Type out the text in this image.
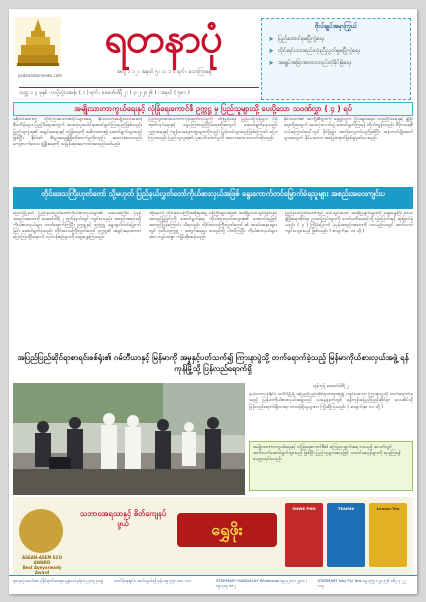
yadanarbonnews.com
ရတနာပုံ
အတွဲ ၁ ၁၂ ၊ အမှတ် ၅ ၊ လ ၁ ၁ ရက် ၊ သောကြာနေ့
သတ္တ ၁ ၃ ခုနှစ် ၊ တပို့တွဲလဆန်း ( ၁ ) ရက် ၊ ဖေဖော်ဝါရီ ၂ ၊ ( ၃-၂-၂၀၂၆ ) ၊ အမှတ် ( ၅၈၁ )
ဗိုလ်ချုပ်အမှာကြွယ်
➤ ပြည်ထောင်စုမပြိုကွဲရေး
➤ တိုင်းရင်းသားစည်းလုံးညီညွတ်မှုမပြိုကွဲရေး
➤ အချုပ်အခြာအာဏာတည်တံ့ခိုင်မြဲရေး
အမျိုးသားကာကွယ်ရေးနှင့် လုံခြုံရေးကောင်စီ ဥက္ကဋ္ဌ မှ ပြည်သူများသို့ ပေးပို့သော သဝဏ်လွှာ ( ၄ ) ရပ်
ခရီးဝင်ဆင်းကူ လှိုင်ကြားသောအပိုင်းများအရ နိုင်ငံတော်အမျိုးသားအဆင့် စီမံကိန်းများ ပြည့်မီရေးအတွက် အားလုံးပူးပေါင်းဆောင်ရွက်ကြရမည်ဖြစ်သည်။ ပြည်သူလူထု၏ အခွင့်အရေးနှင့် လုံခြုံရေးကို အဓိကထား၍ ဆောင်ရွက်သွားမည်ဖြစ်ပြီး နိုင်ငံ၏ စီးပွားရေးဖွံ့ဖြိုးတိုးတက်မှုကိုလည်း အလေးထားသည်။ ကျေးလက်ဒေသ ဖွံ့ဖြိုးရေးကို အမြန်ဆုံးအကောင်အထည်ဖော်မည်။
ပြည်တွင်းစားသောက်ကုန်ထုတ်လုပ်မှုကို တိုးမြှင့်ရေး၊ ပြည်ပပို့ကုန်များ ပိုမိုထုတ်လုပ်ရေးနှင့် ငွေကြေးတည်ငြိမ်ရေးတို့အတွက် ဆောင်ရွက်နေသည်။ ပညာရေးနှင့် ကျန်းမာရေးကဏ္ဍများကိုလည်း မြှင့်တင်သွားမည်ဖြစ်ကြောင်း ပြောကြားသည်။ ပြည်သူလူထု၏ ပူးပေါင်းပါဝင်မှုကို အလေးထား တောင်းဆိုသည်။
နိုင်ငံတော်၏ အကျိုးစီးပွားကို ရှေ့ရှုလျက် ငြိမ်းချမ်းရေး၊ တည်ငြိမ်ရေးနှင့် ဖွံ့ဖြိုးရေးတို့အတွက် အားလုံးလက်တွဲ ဆောင်ရွက်ကြရန် တိုက်တွန်းသည်။ ဒီမိုကရေစီလမ်းကြောင်းပေါ်တွင် ခိုင်မြဲစွာ ဆက်လျှောက်မည်ဖြစ်ပြီး အနာဂတ်မျိုးဆက်များအတွက် ခိုင်မာသော အခြေခံအုတ်မြစ်ချမှတ်ပေးမည်။
တိုင်းဒေသကြီးဟုတ်တော် သို့မဟုတ် ပြည်နယ်လွှတ်တော်ကိုယ်စားလှယ်အဖြစ် ရွေးကောက်တင်မြှောက်ခံရသူများ အစည်းအဝေးကျင်းပ
မြောင်မြို့နယ် ပြည်နယ်လွှတ်တော်ကိုယ်စားလှယ်များ၏ ပထမအကြိမ် ပုံမှန်အစည်းအဝေးကို ဖေဖော်ဝါရီ ၂ ရက်နံနက်တွင် ကျင်းပသည်။ အစည်းအဝေးသို့ ကိုယ်စားလှယ်များ တက်ရောက်ကြပြီး ဥက္ကဋ္ဌနှင့် ဒုဥက္ကဋ္ဌ ရွေးချယ်တင်မြှောက်ခြင်း ဆောင်ရွက်ခဲ့သည်။ တိုင်းဒေသကြီးလွှတ်တော် ဥက္ကဋ္ဌ၏ အဖွင့်အမှာစကား ပြောကြားပြီးနောက် လုပ်ငန်းစဉ်များကို ဆွေးနွေးကြသည်။
ထို့နောက် တိုင်းဒေသကြီးအစိုးရအဖွဲ့ ဝန်ကြီးချုပ်အဖြစ် အဆိုပြုတင်သွင်းခြင်းနှင့် အတည်ပြုခြင်းကို ဆောင်ရွက်ခဲ့ရာ ကိုယ်စားလှယ်အများစု၏ ထောက်ခံမှုဖြင့် အတည်ပြုခဲ့ကြောင်း သိရသည်။ တိုင်းဒေသကြီးလွှတ်တော် ၏ အခမ်းအနားများတွင် ဒုတိယဥက္ကဋ္ဌ ၊ အတွင်းရေးမှူး စသည်တို့ ပါဝင်ကြပြီး ကိုယ်စားလှယ်များအား ကျမ်းသစ္စာ ကျိန်ဆိုစေခဲ့သည်။
ပြည်နယ်လွှတ်တော်တွင် တင်သွင်းသော အဆိုပြုချက်များကို ဆွေးနွေးပြီး ဒေသဖွံ့ဖြိုးရေးဆိုင်ရာ ဥပဒေကြမ်းများကို ကော်မတီအဆင့်သို့ လွှဲပြောင်းရန် ဆုံးဖြတ်ခဲ့သည်။ ( ၃ ) ကြိမ်မြောက် ပုံမှန်အစည်းအဝေးကို လာမည့်လတွင် ဆက်လက် ကျင်းပသွားမည် ဖြစ်သည်။ ( စာမျက်နှာ ၁၁ သို့ )
အပြည်ပြည်ဆိုင်ရာစာရင်းစစ်ရုံး၏ ဂမ်ဘီယာနှင့် မြန်မာကို အမှုနှင့်ပတ်သက်၍ ကြားနာပွဲသို့ တက်ရောက်ခဲ့သည့် မြန်မာကိုယ်စားလှယ်အဖွဲ့ ရန်ကုန်မြို့သို့ ပြန်လည်ရောက်ရှိ
ရန်ကုန် ဖေဖော်ဝါရီ ၂
နယ်သာလန်နိုင်ငံ ဒဟိဂ်မြို့ရှိ အပြည်ပြည်ဆိုင်ရာတရားရုံး၌ ကျင်းပသော ကြားနာပွဲသို့ တက်ရောက်ခဲ့သည့် မြန်မာကိုယ်စားလှယ်အဖွဲ့သည် ယနေ့နံနက်တွင် ရန်ကုန်အပြည်ပြည်ဆိုင်ရာ လေဆိပ်သို့ ပြန်လည်ရောက်ရှိလာရာ တာဝန်ရှိသူများက ကြိုဆိုကြသည်။ ( စာမျက်နှာ ၁၁ သို့ )
အမျိုးသားကာကွယ်ရေးနှင့် လုံခြုံရေးကောင်စီ၏ ကြေညာချက်အရ လာမည့် အပတ်တွင် ဆက်လက်ဆောင်ရွက်သွားမည် ဖြစ်ပြီး ပြည်သူများအနေဖြင့် သတင်းအမှန်များကို ရယူကြရန် မေတ္တာရပ်ခံသည်။
ASEAN-ASEM ECO AWARD
Best Ayeyarwady Award
သဘာဝအရသာနှင့် စိတ်ကျေနပ်ဖွယ်	ရွှေဖိုး
SHWE PHO	TEAMIX	Lemon Tea
ရတနာပုံသတင်းစာ ပုံနှိပ်ထုတ်ဝေရေး၊ မန္တလေး ဖုန်း ၀၂-၄၀၃၂၁၀၉	ကော်ပိုရေးရှင်း ၊ ဆက်သွယ်ရန် ဖုန်း ၀၉ ၄၅၀ ၀၀၀ ၁၁၁	STARMART MANDALAY Wholesale ၀၉-၄၂၀၁၁၂၃၀၀ / ၀၉-၄၀၃ ၈၈၂
STARMART Nay Pyi Taw ၀၉-၄၅၅ ၁၂၃ ၄၅၆ ၀၆၇ ၄ ၂၂ ၁၁၃
